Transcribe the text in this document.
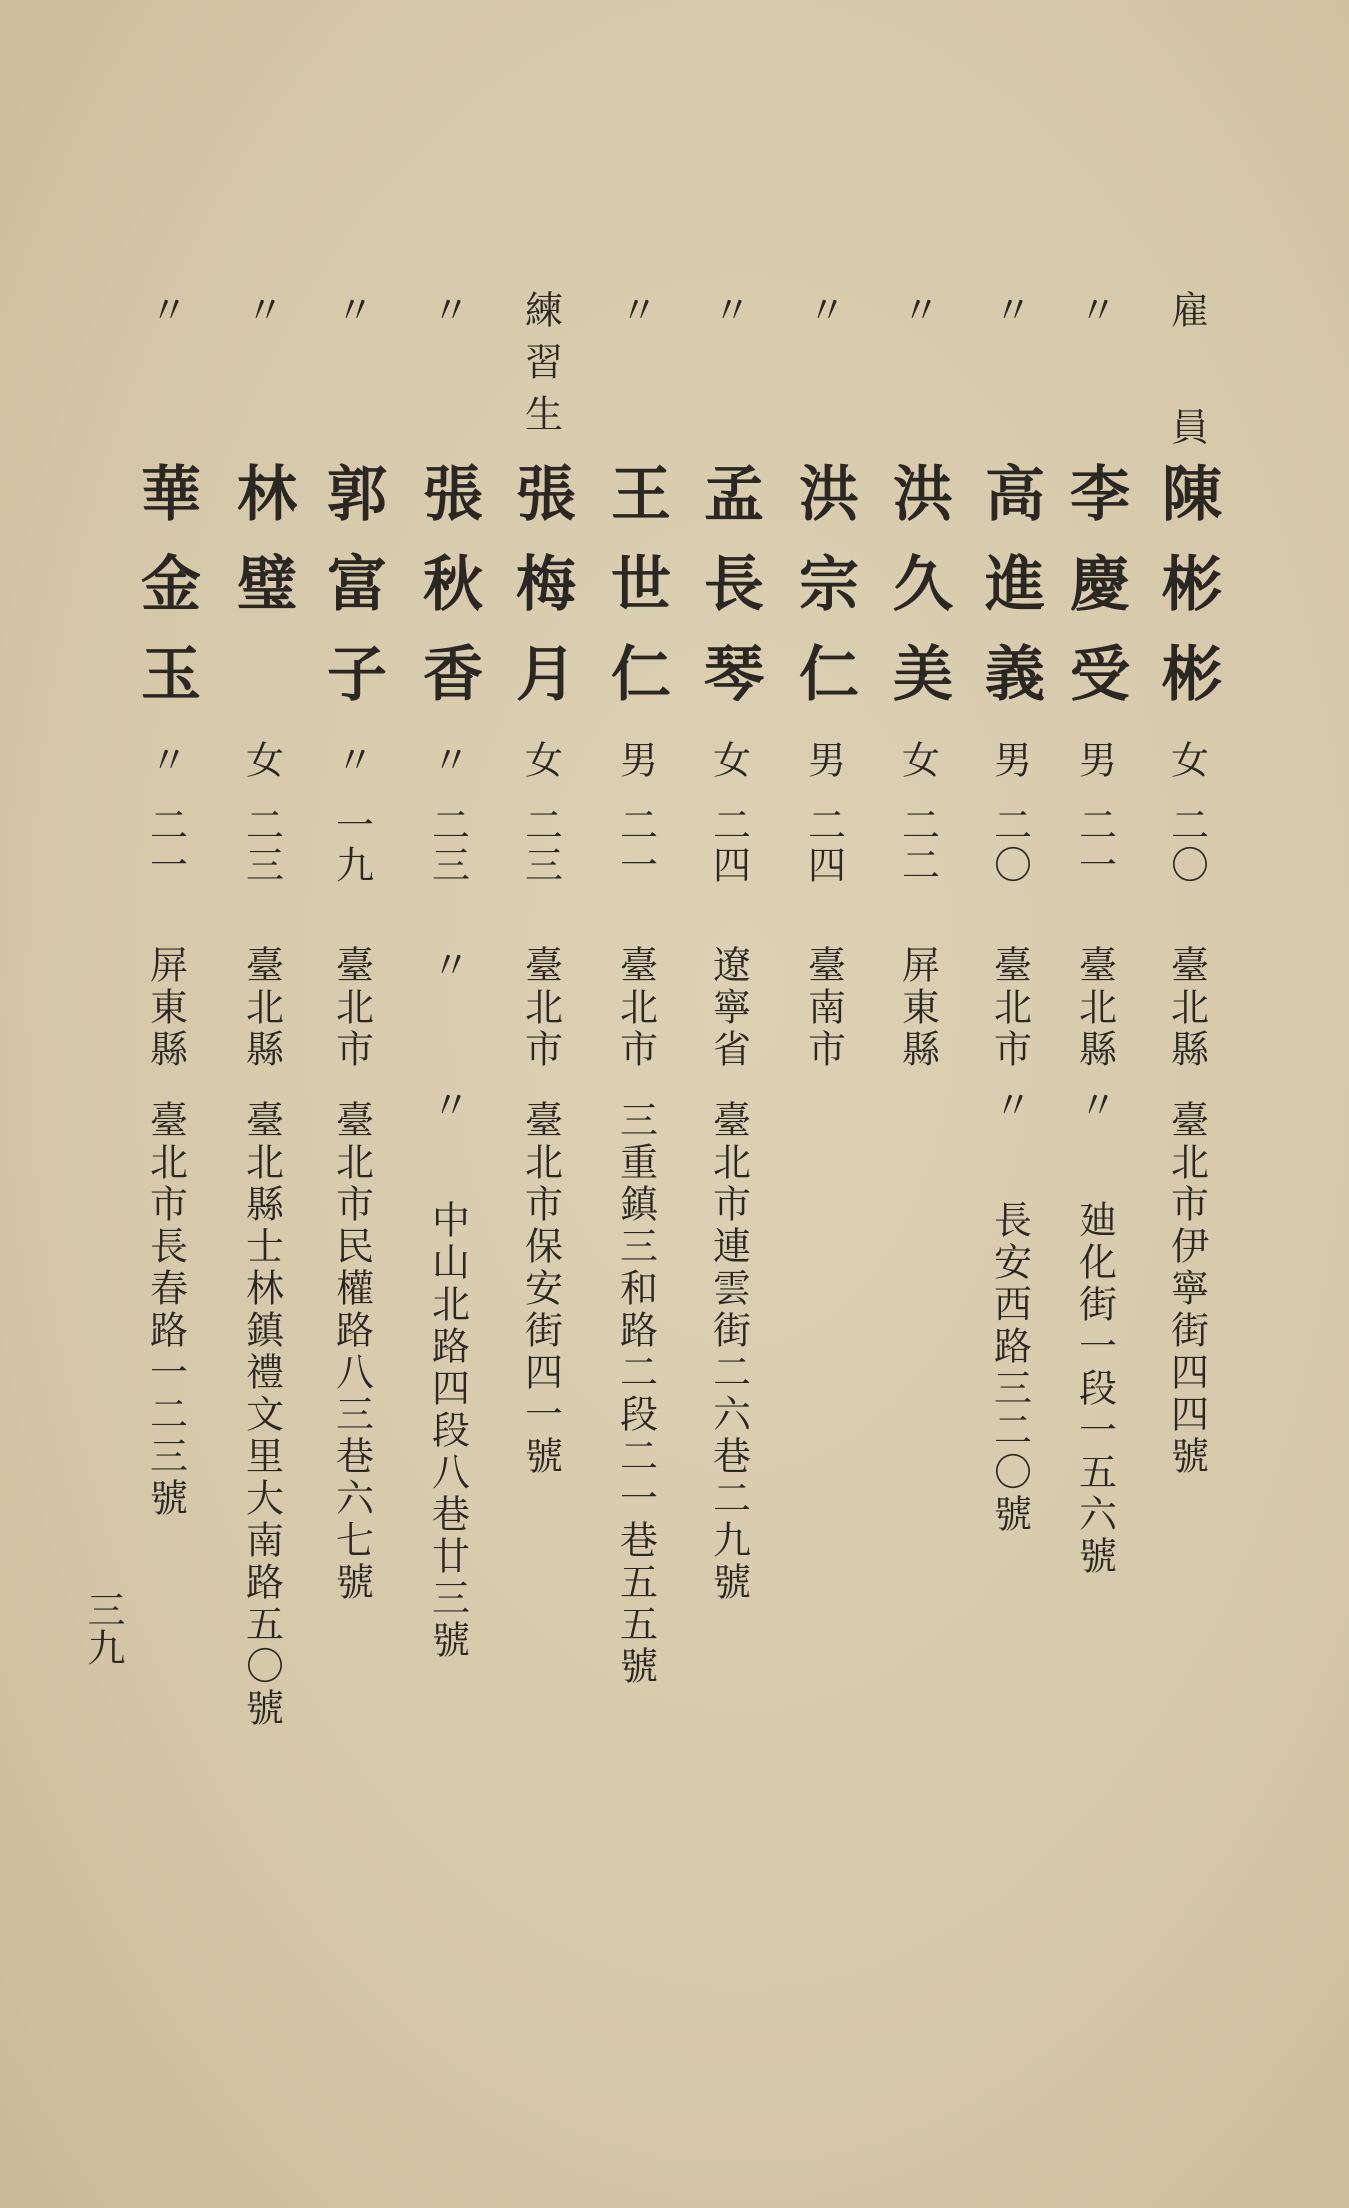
三九
雇員
陳彬彬
女
二〇
臺北縣
臺北市伊寧街四四號
〃
李慶受
男
二一
臺北縣
〃
廸化街一段一五六號
〃
高進義
男
二〇
臺北市
〃
長安西路三二〇號
〃
洪久美
女
二二
屏東縣
〃
洪宗仁
男
二四
臺南市
〃
孟長琴
女
二四
遼寧省
臺北市連雲街二六巷二九號
〃
王世仁
男
二一
臺北市
三重鎮三和路二段二一巷五五號
練習生
張梅月
女
二三
臺北市
臺北市保安街四一號
〃
張秋香
〃
二三
〃
〃
中山北路四段八巷廿三號
〃
郭富子
〃
一九
臺北市
臺北市民權路八三巷六七號
〃
林璧
女
二三
臺北縣
臺北縣士林鎮禮文里大南路五〇號
〃
華金玉
〃
二一
屏東縣
臺北市長春路一二三號
